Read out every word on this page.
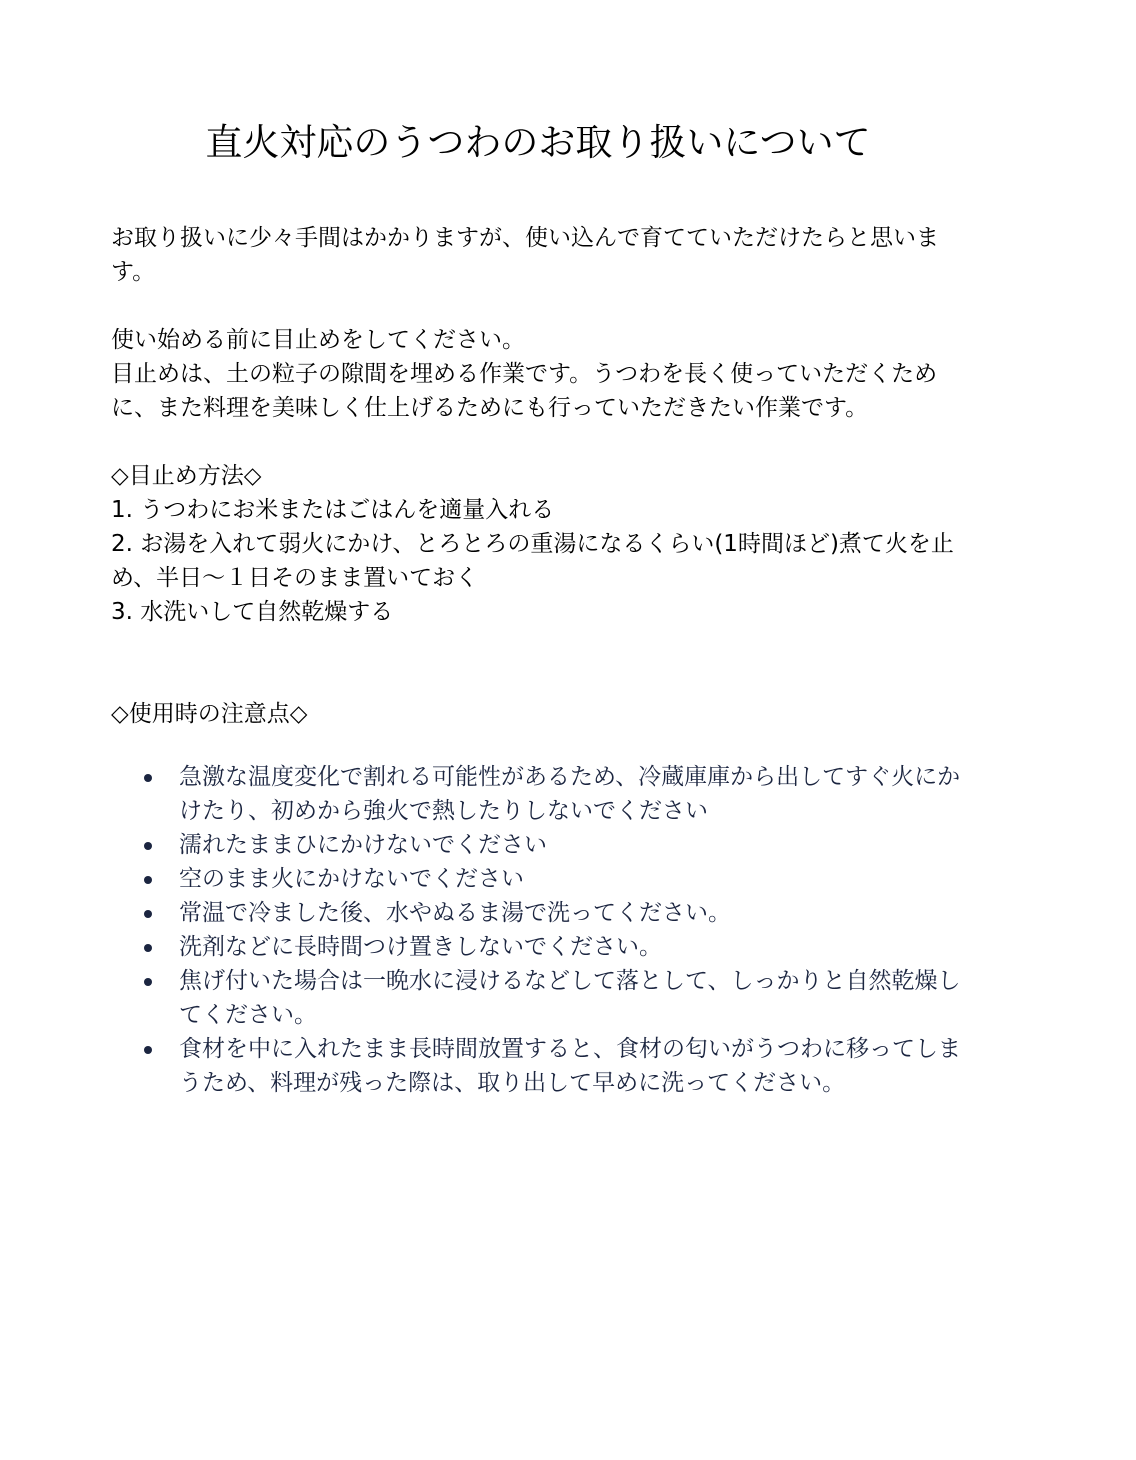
直火対応のうつわのお取り扱いについて

お取り扱いに少々手間はかかりますが、使い込んで育てていただけたらと思いま
す。

使い始める前に目止めをしてください。
目止めは、土の粒子の隙間を埋める作業です。うつわを長く使っていただくため
に、また料理を美味しく仕上げるためにも行っていただきたい作業です。

◇目止め方法◇
1. うつわにお米またはごはんを適量入れる
2. お湯を入れて弱火にかけ、とろとろの重湯になるくらい(1時間ほど)煮て火を止
め、半日～１日そのまま置いておく
3. 水洗いして自然乾燥する

◇使用時の注意点◇

急激な温度変化で割れる可能性があるため、冷蔵庫庫から出してすぐ火にか
けたり、初めから強火で熱したりしないでください
濡れたままひにかけないでください
空のまま火にかけないでください
常温で冷ました後、水やぬるま湯で洗ってください。
洗剤などに長時間つけ置きしないでください。
焦げ付いた場合は一晩水に浸けるなどして落として、しっかりと自然乾燥し
てください。
食材を中に入れたまま長時間放置すると、食材の匂いがうつわに移ってしま
うため、料理が残った際は、取り出して早めに洗ってください。
